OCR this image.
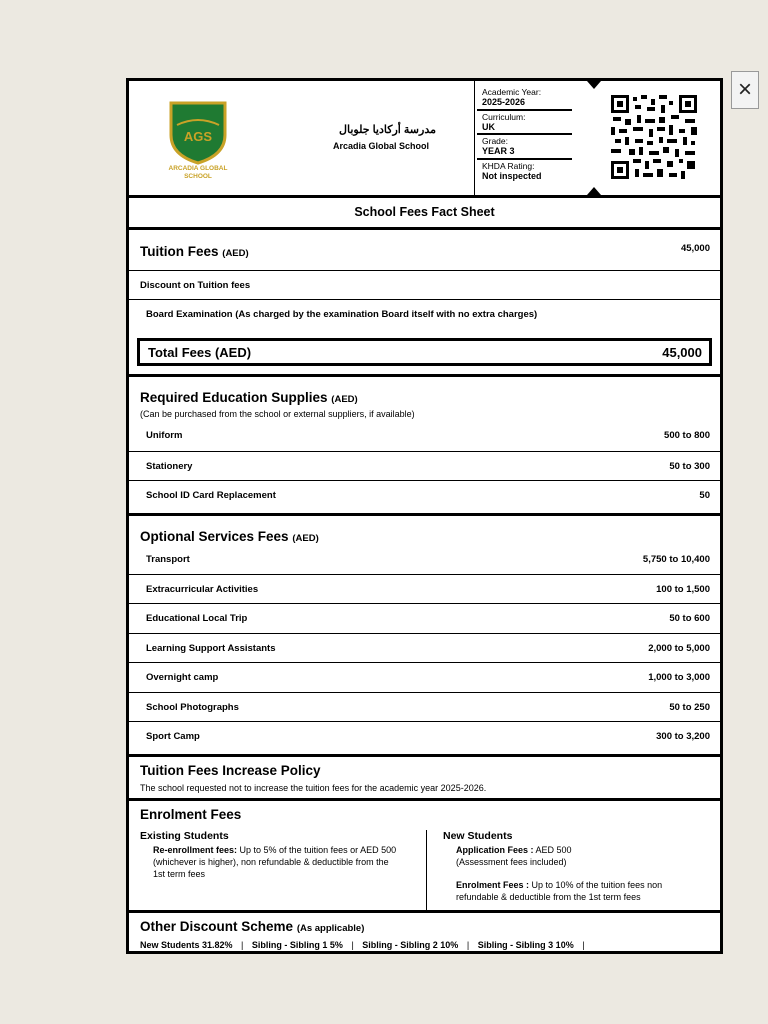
×
AGS
ARCADIA GLOBAL SCHOOL
مدرسة أركاديا جلوبال
Arcadia Global School
Academic Year:
2025-2026
Curriculum:
UK
Grade:
YEAR 3
KHDA Rating:
Not inspected
School Fees Fact Sheet
Tuition Fees (AED)	45,000
Discount on Tuition fees
Board Examination (As charged by the examination Board itself with no extra charges)
Total Fees (AED)	45,000
Required Education Supplies (AED)
(Can be purchased from the school or external suppliers, if available)
Uniform	500 to 800
Stationery	50 to 300
School ID Card Replacement	50
Optional Services Fees (AED)
Transport	5,750 to 10,400
Extracurricular Activities	100 to 1,500
Educational Local Trip	50 to 600
Learning Support Assistants	2,000 to 5,000
Overnight camp	1,000 to 3,000
School Photographs	50 to 250
Sport Camp	300 to 3,200
Tuition Fees Increase Policy
The school requested not to increase the tuition fees for the academic year 2025-2026.
Enrolment Fees
Existing Students
Re-enrollment fees: Up to 5% of the tuition fees or AED 500 (whichever is higher), non refundable & deductible from the 1st term fees
New Students
Application Fees : AED 500
(Assessment fees included)
Enrolment Fees : Up to 10% of the tuition fees non refundable & deductible from the 1st term fees
Other Discount Scheme (As applicable)
New Students 31.82% | Sibling - Sibling 1 5% | Sibling - Sibling 2 10% | Sibling - Sibling 3 10% |
